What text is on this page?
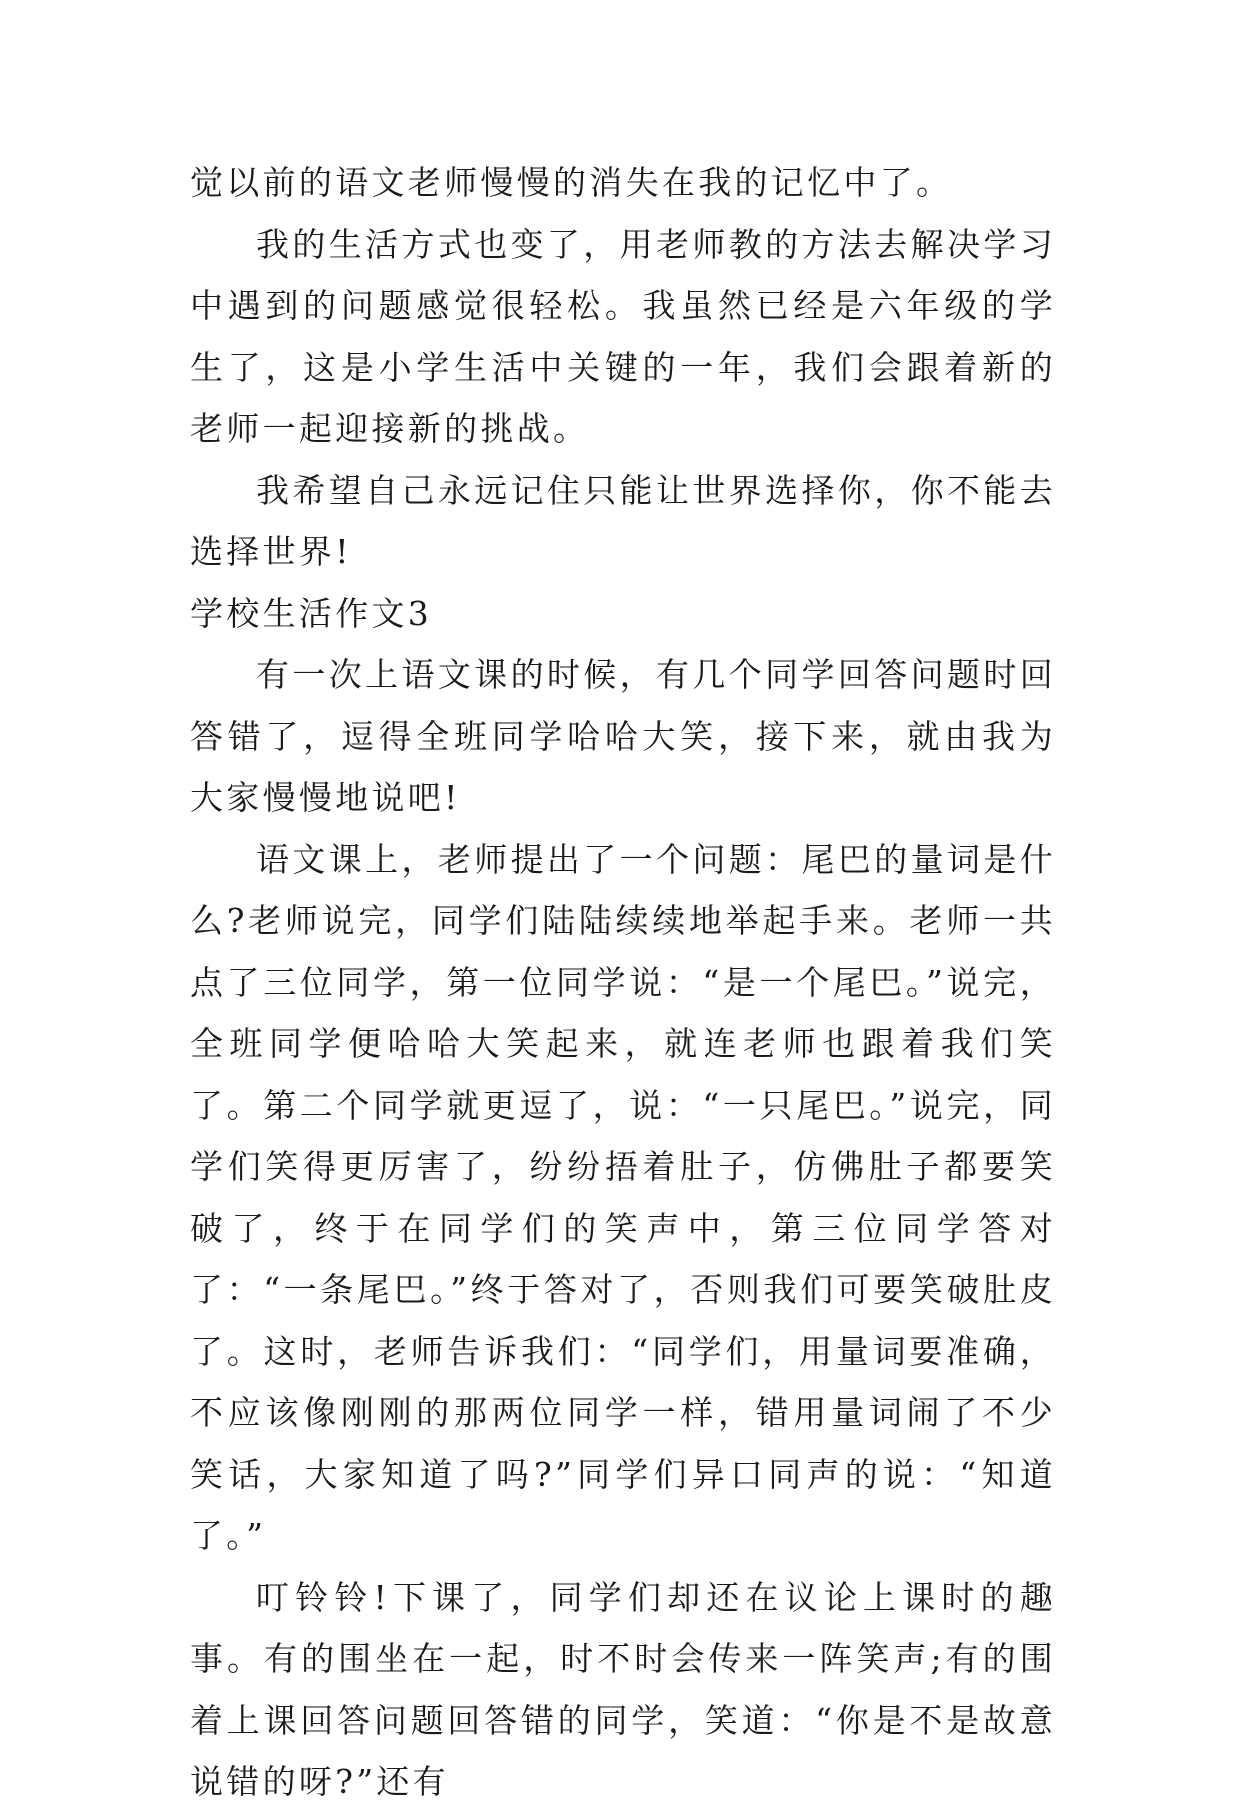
觉以前的语文老师慢慢的消失在我的记忆中了。

我的生活方式也变了，用老师教的方法去解决学习中遇到的问题感觉很轻松。我虽然已经是六年级的学生了，这是小学生活中关键的一年，我们会跟着新的老师一起迎接新的挑战。

我希望自己永远记住只能让世界选择你，你不能去选择世界!

学校生活作文3

有一次上语文课的时候，有几个同学回答问题时回答错了，逗得全班同学哈哈大笑，接下来，就由我为大家慢慢地说吧!

语文课上，老师提出了一个问题：尾巴的量词是什么?老师说完，同学们陆陆续续地举起手来。老师一共点了三位同学，第一位同学说：“是一个尾巴。”说完，全班同学便哈哈大笑起来，就连老师也跟着我们笑了。第二个同学就更逗了，说：“一只尾巴。”说完，同学们笑得更厉害了，纷纷捂着肚子，仿佛肚子都要笑破了，终于在同学们的笑声中，第三位同学答对了：“一条尾巴。”终于答对了，否则我们可要笑破肚皮了。这时，老师告诉我们：“同学们，用量词要准确，不应该像刚刚的那两位同学一样，错用量词闹了不少笑话，大家知道了吗?”同学们异口同声的说：“知道了。”

叮铃铃!下课了，同学们却还在议论上课时的趣事。有的围坐在一起，时不时会传来一阵笑声;有的围着上课回答问题回答错的同学，笑道：“你是不是故意说错的呀?”还有
